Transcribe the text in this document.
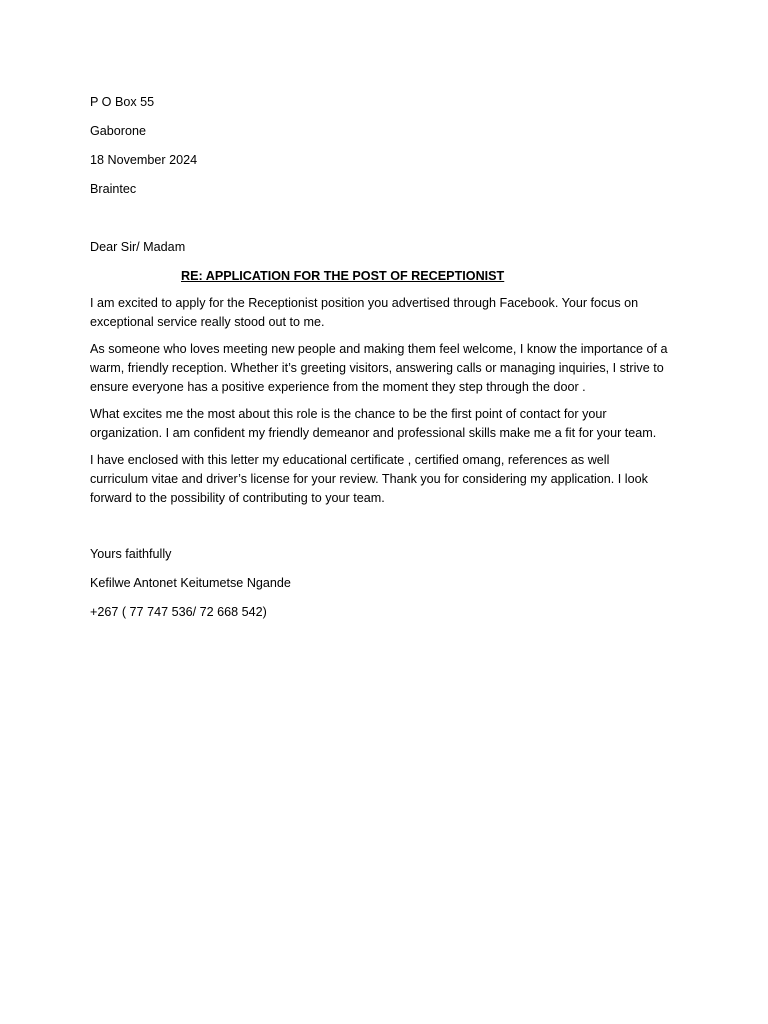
P O Box 55
Gaborone
18 November 2024
Braintec
Dear Sir/ Madam
RE: APPLICATION FOR THE POST OF RECEPTIONIST
I am excited to apply for the Receptionist position you advertised through Facebook. Your focus on
exceptional service really stood out to me.
As someone who loves meeting new people and making them feel welcome, I know the importance of a
warm, friendly reception. Whether it’s greeting visitors, answering calls or managing inquiries, I strive to
ensure everyone has a positive experience from the moment they step through the door .
What excites me the most about this role is the chance to be the first point of contact for your
organization. I am confident my friendly demeanor and professional skills make me a fit for your team.
I have enclosed with this letter my educational certificate , certified omang, references as well
curriculum vitae and driver’s license for your review. Thank you for considering my application. I look
forward to the possibility of contributing to your team.
Yours faithfully
Kefilwe Antonet Keitumetse Ngande
+267 ( 77 747 536/ 72 668 542)
